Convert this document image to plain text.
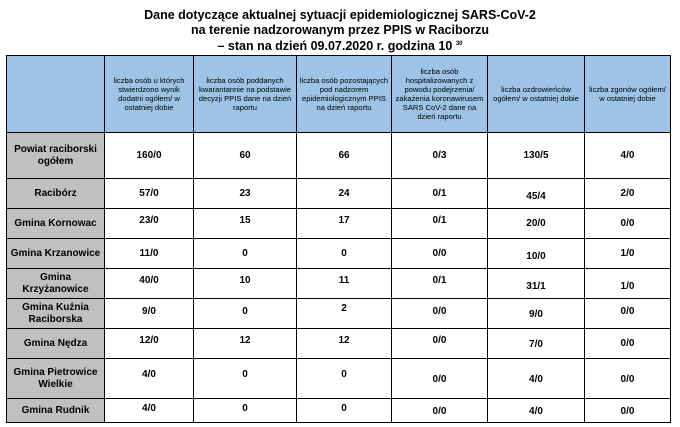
Dane dotyczące aktualnej sytuacji epidemiologicznej SARS-CoV-2
na terenie nadzorowanym przez PPIS w Raciborzu
– stan na dzień 09.07.2020 r. godzina 10 $^{30}$
	liczba osób u których stwierdzono wynik dodatni ogółem/ w ostatniej dobie	liczba osób poddanych kwarantannie na podstawie decyzji PPIS dane na dzień raportu	liczba osób pozostających pod nadzorem epidemiologicznym PPIS na dzień raportu	liczba osób hospitalizowanych z powodu podejrzenia/ zakażenia koronawirusem SARS CoV-2 dane na dzień raportu	liczba ozdrowieńców ogółem/ w ostatniej dobie	liczba zgonów ogółem/ w ostatniej dobie
Powiat raciborski ogółem	160/0	60	66	0/3	130/5	4/0

Racibórz	57/0	23	24	0/1	45/4	2/0

Gmina Kornowac	23/0	15	17	0/1	20/0	0/0

Gmina Krzanowice	11/0	0	0	0/0	10/0	1/0

Gmina Krzyżanowice	40/0	10	11	0/1	31/1	1/0

Gmina Kuźnia Raciborska	9/0	0	2	0/0	9/0	0/0

Gmina Nędza	12/0	12	12	0/0	7/0	0/0

Gmina Pietrowice Wielkie	4/0	0	0	0/0	4/0	0/0

Gmina Rudnik	4/0	0	0	0/0	4/0	0/0
